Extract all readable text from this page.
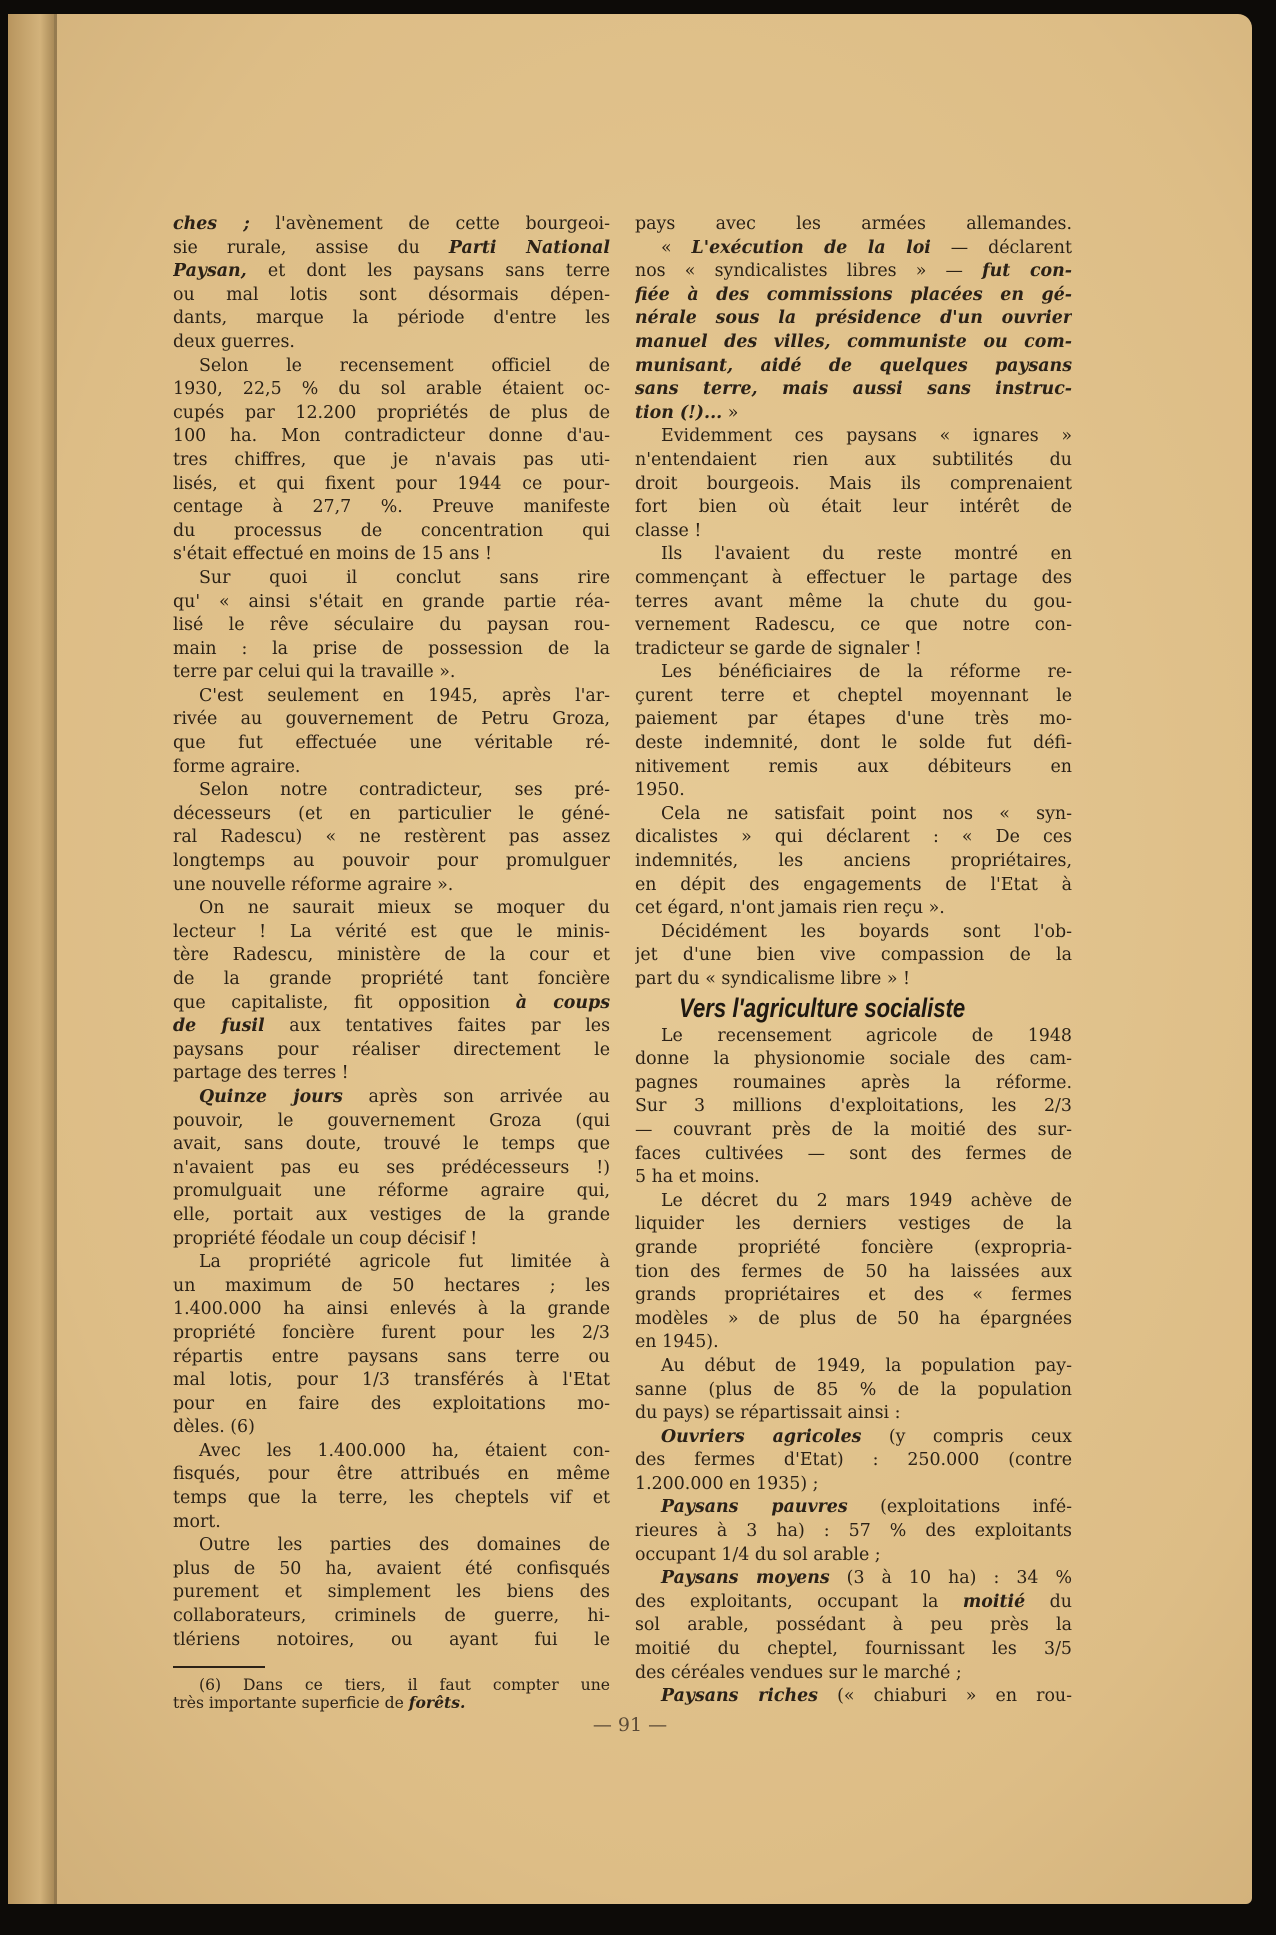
ches ; l'avènement de cette bourgeoi-
sie rurale, assise du Parti National
Paysan, et dont les paysans sans terre
ou mal lotis sont désormais dépen-
dants, marque la période d'entre les
deux guerres.
Selon le recensement officiel de
1930, 22,5 % du sol arable étaient oc-
cupés par 12.200 propriétés de plus de
100 ha. Mon contradicteur donne d'au-
tres chiffres, que je n'avais pas uti-
lisés, et qui fixent pour 1944 ce pour-
centage à 27,7 %. Preuve manifeste
du processus de concentration qui
s'était effectué en moins de 15 ans !
Sur quoi il conclut sans rire
qu' « ainsi s'était en grande partie réa-
lisé le rêve séculaire du paysan rou-
main : la prise de possession de la
terre par celui qui la travaille ».
C'est seulement en 1945, après l'ar-
rivée au gouvernement de Petru Groza,
que fut effectuée une véritable ré-
forme agraire.
Selon notre contradicteur, ses pré-
décesseurs (et en particulier le géné-
ral Radescu) « ne restèrent pas assez
longtemps au pouvoir pour promulguer
une nouvelle réforme agraire ».
On ne saurait mieux se moquer du
lecteur ! La vérité est que le minis-
tère Radescu, ministère de la cour et
de la grande propriété tant foncière
que capitaliste, fit opposition à coups
de fusil aux tentatives faites par les
paysans pour réaliser directement le
partage des terres !
Quinze jours après son arrivée au
pouvoir, le gouvernement Groza (qui
avait, sans doute, trouvé le temps que
n'avaient pas eu ses prédécesseurs !)
promulguait une réforme agraire qui,
elle, portait aux vestiges de la grande
propriété féodale un coup décisif !
La propriété agricole fut limitée à
un maximum de 50 hectares ; les
1.400.000 ha ainsi enlevés à la grande
propriété foncière furent pour les 2/3
répartis entre paysans sans terre ou
mal lotis, pour 1/3 transférés à l'Etat
pour en faire des exploitations mo-
dèles. (6)
Avec les 1.400.000 ha, étaient con-
fisqués, pour être attribués en même
temps que la terre, les cheptels vif et
mort.
Outre les parties des domaines de
plus de 50 ha, avaient été confisqués
purement et simplement les biens des
collaborateurs, criminels de guerre, hi-
tlériens notoires, ou ayant fui le
(6) Dans ce tiers, il faut compter une
très importante superficie de forêts.
pays avec les armées allemandes.
« L'exécution de la loi — déclarent
nos « syndicalistes libres » — fut con-
fiée à des commissions placées en gé-
nérale sous la présidence d'un ouvrier
manuel des villes, communiste ou com-
munisant, aidé de quelques paysans
sans terre, mais aussi sans instruc-
tion (!)... »
Evidemment ces paysans « ignares »
n'entendaient rien aux subtilités du
droit bourgeois. Mais ils comprenaient
fort bien où était leur intérêt de
classe !
Ils l'avaient du reste montré en
commençant à effectuer le partage des
terres avant même la chute du gou-
vernement Radescu, ce que notre con-
tradicteur se garde de signaler !
Les bénéficiaires de la réforme re-
çurent terre et cheptel moyennant le
paiement par étapes d'une très mo-
deste indemnité, dont le solde fut défi-
nitivement remis aux débiteurs en
1950.
Cela ne satisfait point nos « syn-
dicalistes » qui déclarent : « De ces
indemnités, les anciens propriétaires,
en dépit des engagements de l'Etat à
cet égard, n'ont jamais rien reçu ».
Décidément les boyards sont l'ob-
jet d'une bien vive compassion de la
part du « syndicalisme libre » !
Vers l'agriculture socialiste
Le recensement agricole de 1948
donne la physionomie sociale des cam-
pagnes roumaines après la réforme.
Sur 3 millions d'exploitations, les 2/3
— couvrant près de la moitié des sur-
faces cultivées — sont des fermes de
5 ha et moins.
Le décret du 2 mars 1949 achève de
liquider les derniers vestiges de la
grande propriété foncière (expropria-
tion des fermes de 50 ha laissées aux
grands propriétaires et des « fermes
modèles » de plus de 50 ha épargnées
en 1945).
Au début de 1949, la population pay-
sanne (plus de 85 % de la population
du pays) se répartissait ainsi :
Ouvriers agricoles (y compris ceux
des fermes d'Etat) : 250.000 (contre
1.200.000 en 1935) ;
Paysans pauvres (exploitations infé-
rieures à 3 ha) : 57 % des exploitants
occupant 1/4 du sol arable ;
Paysans moyens (3 à 10 ha) : 34 %
des exploitants, occupant la moitié du
sol arable, possédant à peu près la
moitié du cheptel, fournissant les 3/5
des céréales vendues sur le marché ;
Paysans riches (« chiaburi » en rou-
— 91 —
